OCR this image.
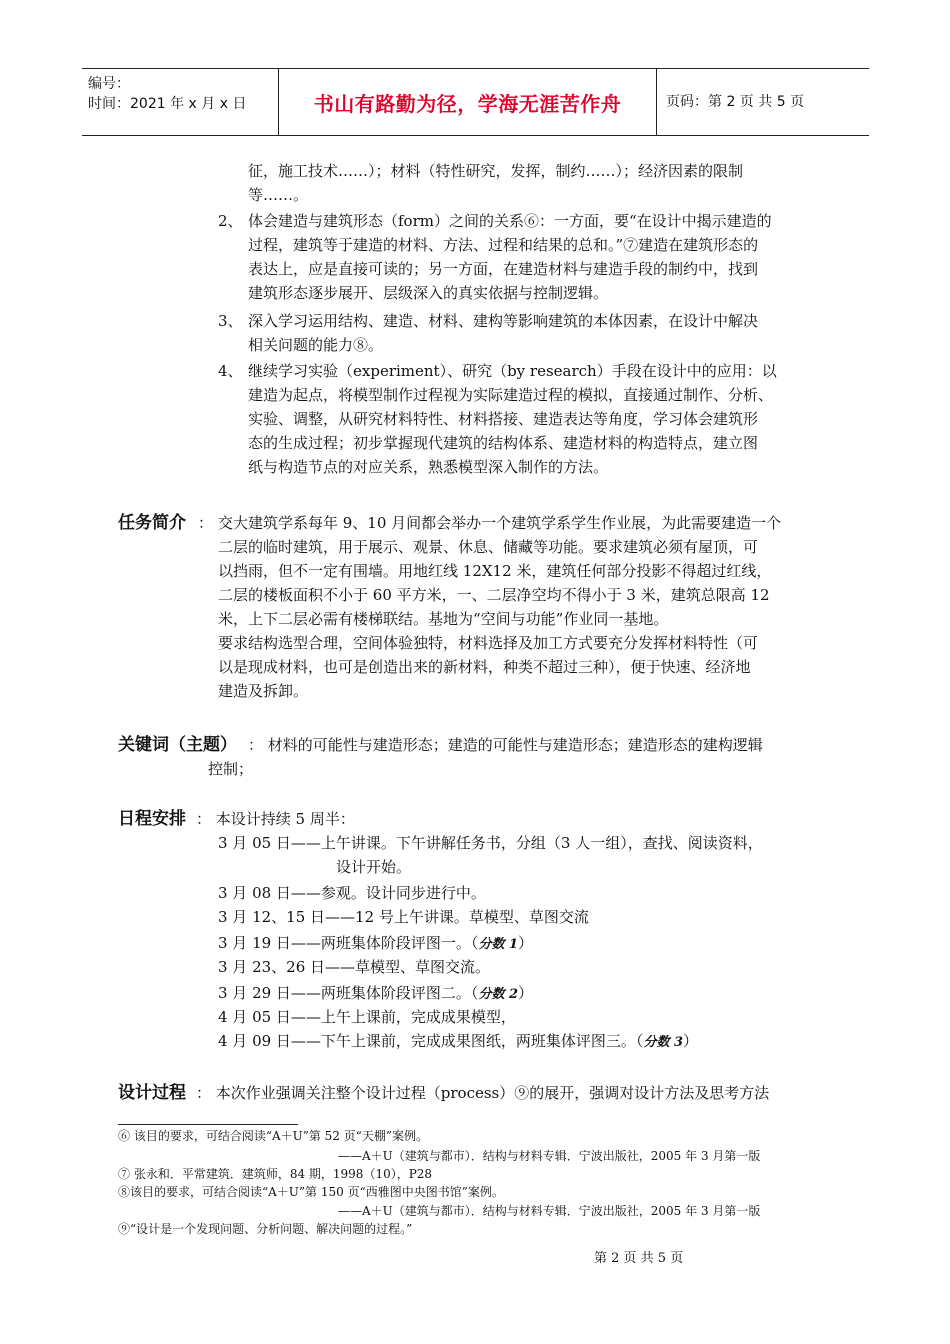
编号：
时间：2021 年 x 月 x 日	书山有路勤为径，学海无涯苦作舟	页码：第 2 页 共 5 页
征，施工技术……）；材料（特性研究，发挥，制约……）；经济因素的限制
等……。
2、 体会建造与建筑形态（form）之间的关系⑥：一方面，要“在设计中揭示建造的
过程，建筑等于建造的材料、方法、过程和结果的总和。”⑦建造在建筑形态的
表达上，应是直接可读的；另一方面，在建造材料与建造手段的制约中，找到
建筑形态逐步展开、层级深入的真实依据与控制逻辑。
3、 深入学习运用结构、建造、材料、建构等影响建筑的本体因素，在设计中解决
相关问题的能力⑧。
4、 继续学习实验（experiment）、研究（by research）手段在设计中的应用：以
建造为起点，将模型制作过程视为实际建造过程的模拟，直接通过制作、分析、
实验、调整，从研究材料特性、材料搭接、建造表达等角度，学习体会建筑形
态的生成过程；初步掌握现代建筑的结构体系、建造材料的构造特点，建立图
纸与构造节点的对应关系，熟悉模型深入制作的方法。
任务简介 ： 交大建筑学系每年 9、10 月间都会举办一个建筑学系学生作业展，为此需要建造一个
二层的临时建筑，用于展示、观景、休息、储藏等功能。要求建筑必须有屋顶，可
以挡雨，但不一定有围墙。用地红线 12X12 米，建筑任何部分投影不得超过红线，
二层的楼板面积不小于 60 平方米，一、二层净空均不得小于 3 米，建筑总限高 12
米，上下二层必需有楼梯联结。基地为“空间与功能”作业同一基地。
要求结构选型合理，空间体验独特，材料选择及加工方式要充分发挥材料特性（可
以是现成材料，也可是创造出来的新材料，种类不超过三种），便于快速、经济地
建造及拆卸。
关键词（主题） ： 材料的可能性与建造形态；建造的可能性与建造形态；建造形态的建构逻辑
控制；
日程安排 ： 本设计持续 5 周半：
3 月 05 日——上午讲课。下午讲解任务书，分组（3 人一组），查找、阅读资料，
设计开始。
3 月 08 日——参观。设计同步进行中。
3 月 12、15 日——12 号上午讲课。草模型、草图交流
3 月 19 日——两班集体阶段评图一。（分数 1）
3 月 23、26 日——草模型、草图交流。
3 月 29 日——两班集体阶段评图二。（分数 2）
4 月 05 日——上午上课前，完成成果模型，
4 月 09 日——下午上课前，完成成果图纸，两班集体评图三。（分数 3）
设计过程 ： 本次作业强调关注整个设计过程（process）⑨的展开，强调对设计方法及思考方法
⑥ 该目的要求，可结合阅读“A＋U”第 52 页“天棚”案例。
——A＋U（建筑与都市）．结构与材料专辑．宁波出版社，2005 年 3 月第一版
⑦ 张永和．平常建筑．建筑师，84 期，1998（10），P28
⑧该目的要求，可结合阅读“A＋U”第 150 页“西雅图中央图书馆”案例。
——A＋U（建筑与都市）．结构与材料专辑．宁波出版社，2005 年 3 月第一版
⑨“设计是一个发现问题、分析问题、解决问题的过程。”
第 2 页 共 5 页
